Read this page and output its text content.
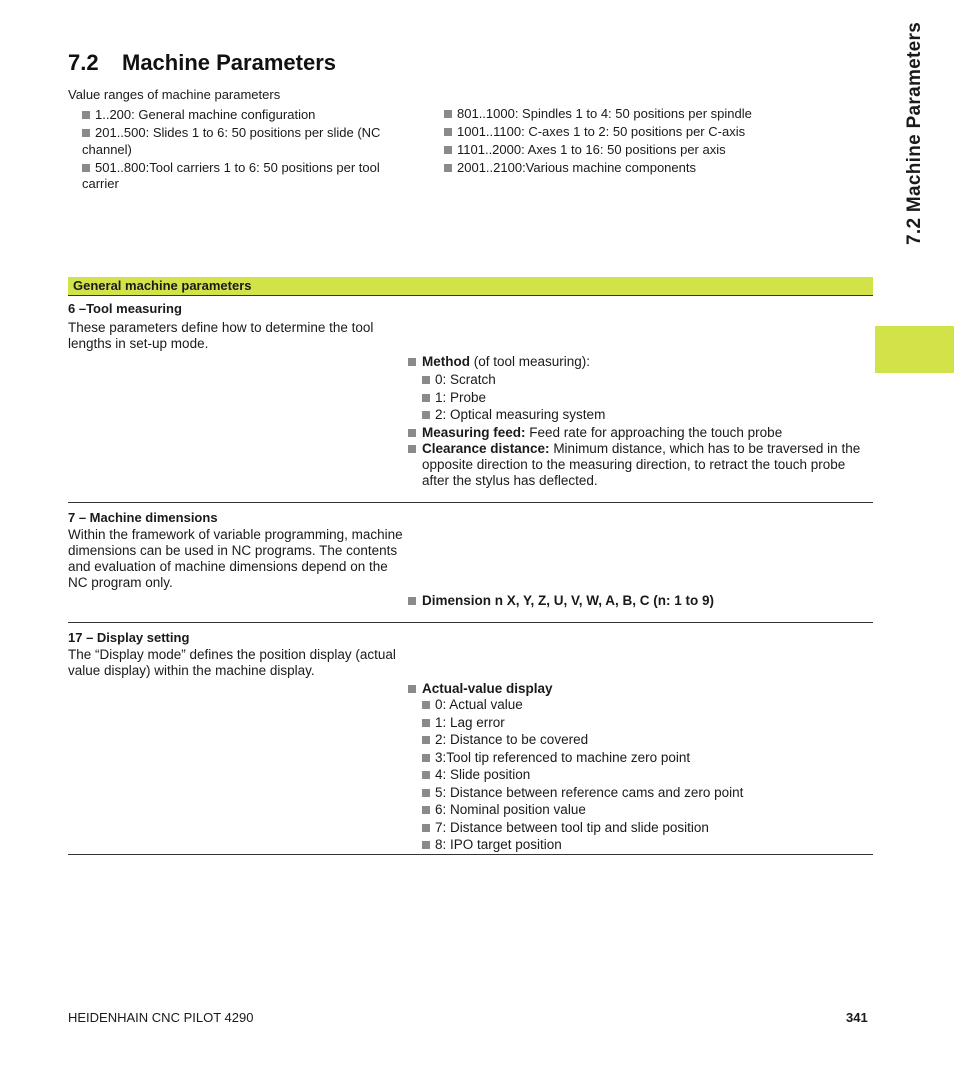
7.2 Machine Parameters
Value ranges of machine parameters
1..200: General machine configuration
201..500: Slides 1 to 6: 50 positions per slide (NC channel)
501..800:Tool carriers 1 to 6: 50 positions per tool carrier
801..1000: Spindles 1 to 4: 50 positions per spindle
1001..1100: C-axes 1 to 2: 50 positions per C-axis
1101..2000: Axes 1 to 16: 50 positions per axis
2001..2100:Various machine components	7.2 Machine Parameters
General machine parameters
6 –Tool measuring
These parameters define how to determine the tool lengths in set-up mode.
Method (of tool measuring):
0: Scratch
1: Probe
2: Optical measuring system
Measuring feed: Feed rate for approaching the touch probe
Clearance distance: Minimum distance, which has to be traversed in the opposite direction to the measuring direction, to retract the touch probe after the stylus has deflected.
7 – Machine dimensions
Within the framework of variable programming, machine dimensions can be used in NC programs. The contents and evaluation of machine dimensions depend on the NC program only.
Dimension n X, Y, Z, U, V, W, A, B, C (n: 1 to 9)
17 – Display setting
The “Display mode” defines the position display (actual value display) within the machine display.
Actual-value display
0: Actual value
1: Lag error
2: Distance to be covered
3:Tool tip referenced to machine zero point
4: Slide position
5: Distance between reference cams and zero point
6: Nominal position value
7: Distance between tool tip and slide position
8: IPO target position
HEIDENHAIN CNC PILOT 4290	341
